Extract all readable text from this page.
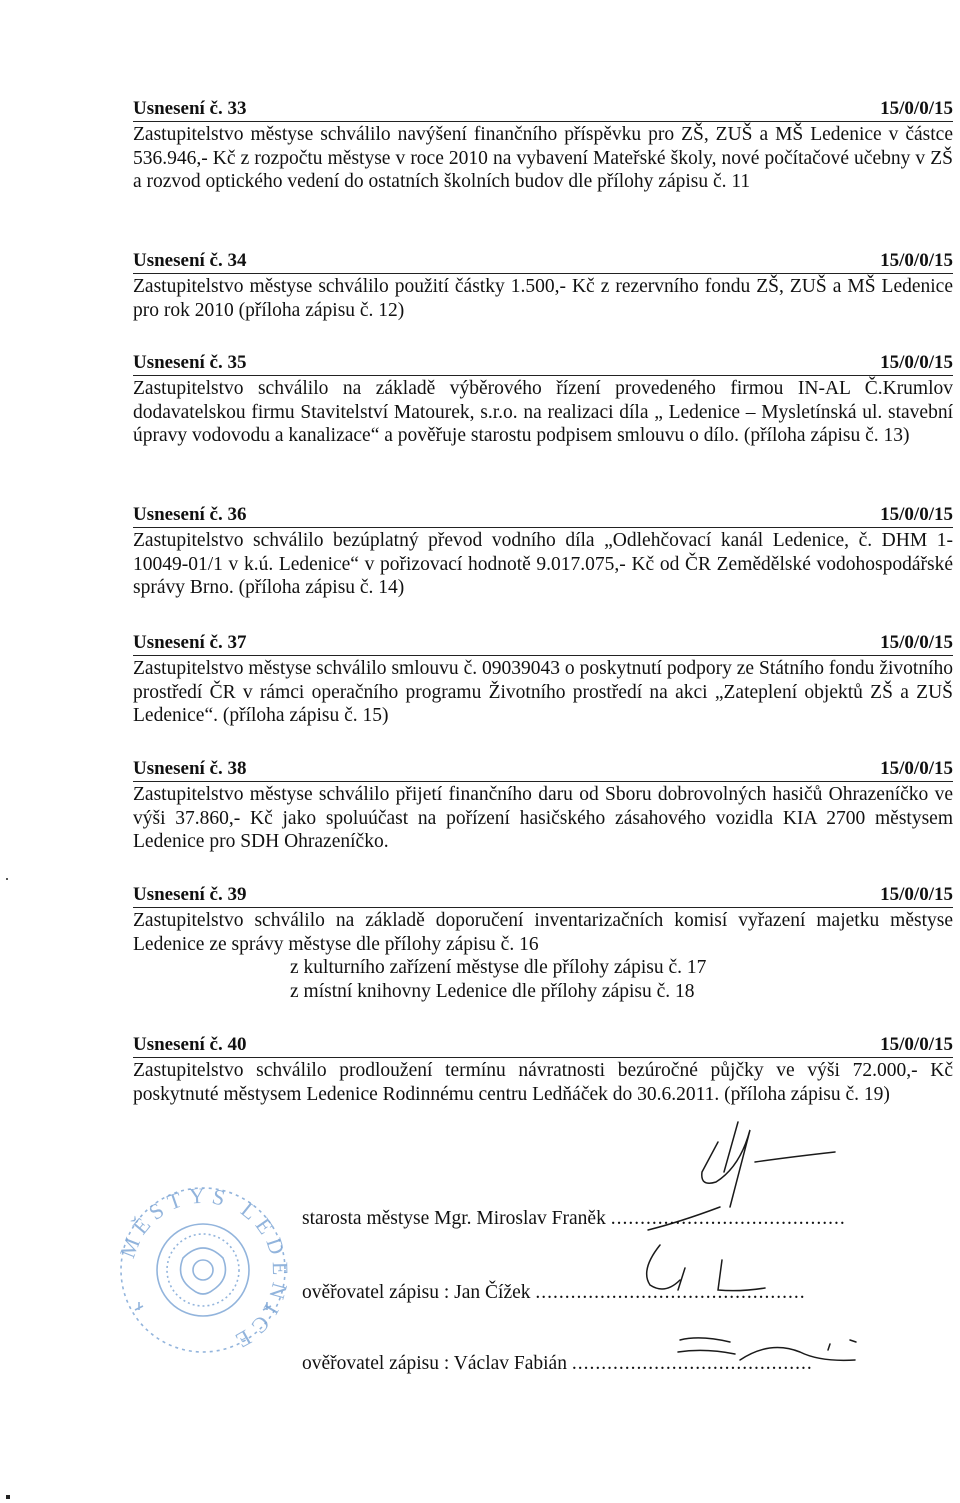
Usnesení č. 33	15/0/0/15

Zastupitelstvo městyse schválilo navýšení finančního příspěvku pro ZŠ, ZUŠ a MŠ Ledenice v částce 536.946,- Kč z rozpočtu městyse v roce 2010 na vybavení Mateřské školy, nové počítačové učebny v ZŠ a rozvod optického vedení do ostatních školních budov dle přílohy zápisu č. 11

Usnesení č. 34	15/0/0/15

Zastupitelstvo městyse schválilo použití částky 1.500,- Kč z rezervního fondu ZŠ, ZUŠ a MŠ Ledenice pro rok 2010 (příloha zápisu č. 12)

Usnesení č. 35	15/0/0/15

Zastupitelstvo schválilo na základě výběrového řízení provedeného firmou IN-AL Č.Krumlov dodavatelskou firmu Stavitelství Matourek, s.r.o. na realizaci díla „ Ledenice – Mysletínská ul. stavební úpravy vodovodu a kanalizace“ a pověřuje starostu podpisem smlouvu o dílo. (příloha zápisu č. 13)

Usnesení č. 36	15/0/0/15

Zastupitelstvo schválilo bezúplatný převod vodního díla „Odlehčovací kanál Ledenice, č. DHM 1-10049-01/1 v k.ú. Ledenice“ v pořizovací hodnotě 9.017.075,- Kč od ČR Zemědělské vodohospodářské správy Brno. (příloha zápisu č. 14)

Usnesení č. 37	15/0/0/15

Zastupitelstvo městyse schválilo smlouvu č. 09039043 o poskytnutí podpory ze Státního fondu životního prostředí ČR v rámci operačního programu Životního prostředí na akci „Zateplení objektů ZŠ a ZUŠ Ledenice“. (příloha zápisu č. 15)

Usnesení č. 38	15/0/0/15

Zastupitelstvo městyse schválilo přijetí finančního daru od Sboru dobrovolných hasičů Ohrazeníčko ve výši 37.860,- Kč jako spoluúčast na pořízení hasičského zásahového vozidla KIA 2700 městysem Ledenice pro SDH Ohrazeníčko.

Usnesení č. 39	15/0/0/15

Zastupitelstvo schválilo na základě doporučení inventarizačních komisí vyřazení majetku městyse Ledenice ze správy městyse dle přílohy zápisu č. 16

z kulturního zařízení městyse dle přílohy zápisu č. 17
z místní knihovny Ledenice dle přílohy zápisu č. 18
Usnesení č. 40	15/0/0/15

Zastupitelstvo schválilo prodloužení termínu návratnosti bezúročné půjčky ve výši 72.000,- Kč poskytnuté městysem Ledenice Rodinnému centru Ledňáček do 30.6.2011. (příloha zápisu č. 19)

MĚSTYS LEDENICE
starosta městyse Mgr. Miroslav Franěk ........................................
ověřovatel zápisu : Jan Čížek ..............................................
ověřovatel zápisu : Václav Fabián .........................................
